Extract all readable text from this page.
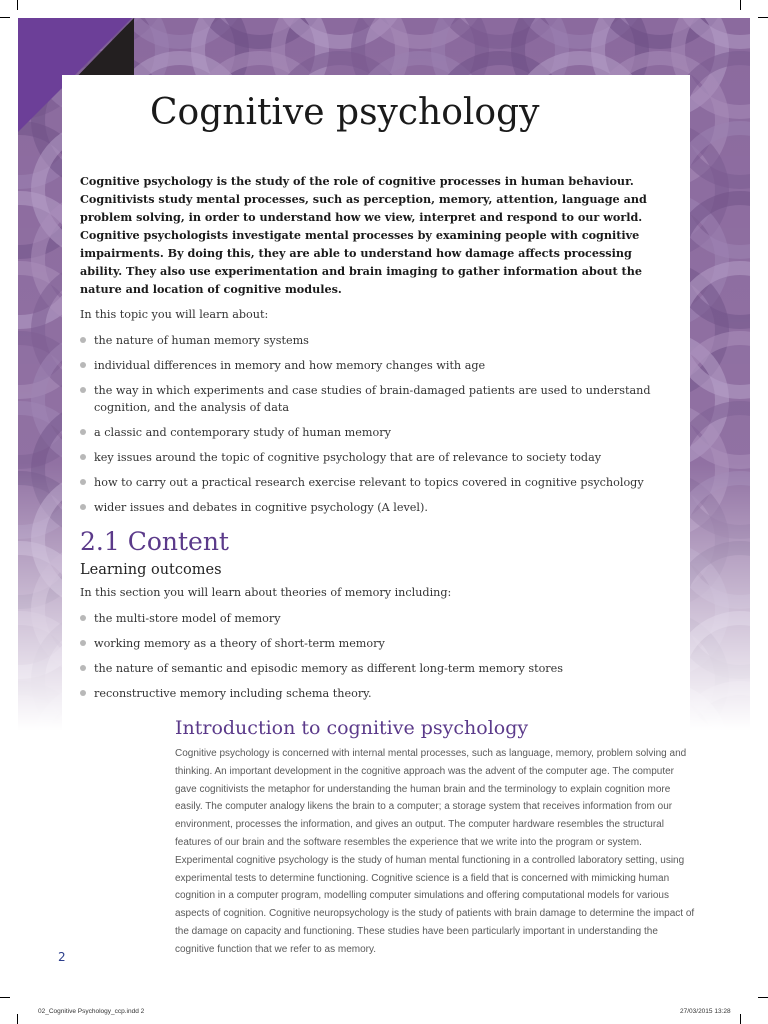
2	Cognitive psychology

Cognitive psychology is the study of the role of cognitive processes in human behaviour. Cognitivists study mental processes, such as perception, memory, attention, language and problem solving, in order to understand how we view, interpret and respond to our world. Cognitive psychologists investigate mental processes by examining people with cognitive impairments. By doing this, they are able to understand how damage affects processing ability. They also use experimentation and brain imaging to gather information about the nature and location of cognitive modules.

In this topic you will learn about:

the nature of human memory systems
individual differences in memory and how memory changes with age
the way in which experiments and case studies of brain-damaged patients are used to understand cognition, and the analysis of data
a classic and contemporary study of human memory
key issues around the topic of cognitive psychology that are of relevance to society today
how to carry out a practical research exercise relevant to topics covered in cognitive psychology
wider issues and debates in cognitive psychology (A level).
2.1 Content
Learning outcomes

In this section you will learn about theories of memory including:

the multi-store model of memory
working memory as a theory of short-term memory
the nature of semantic and episodic memory as different long-term memory stores
reconstructive memory including schema theory.
Introduction to cognitive psychology

Cognitive psychology is concerned with internal mental processes, such as language, memory, problem solving and thinking. An important development in the cognitive approach was the advent of the computer age. The computer gave cognitivists the metaphor for understanding the human brain and the terminology to explain cognition more easily. The computer analogy likens the brain to a computer; a storage system that receives information from our environment, processes the information, and gives an output. The computer hardware resembles the structural features of our brain and the software resembles the experience that we write into the program or system. Experimental cognitive psychology is the study of human mental functioning in a controlled laboratory setting, using experimental tests to determine functioning. Cognitive science is a field that is concerned with mimicking human cognition in a computer program, modelling computer simulations and offering computational models for various aspects of cognition. Cognitive neuropsychology is the study of patients with brain damage to determine the impact of the damage on capacity and functioning. These studies have been particularly important in understanding the cognitive function that we refer to as memory.

2
02_Cognitive Psychology_ccp.indd 2	27/03/2015 13:28
